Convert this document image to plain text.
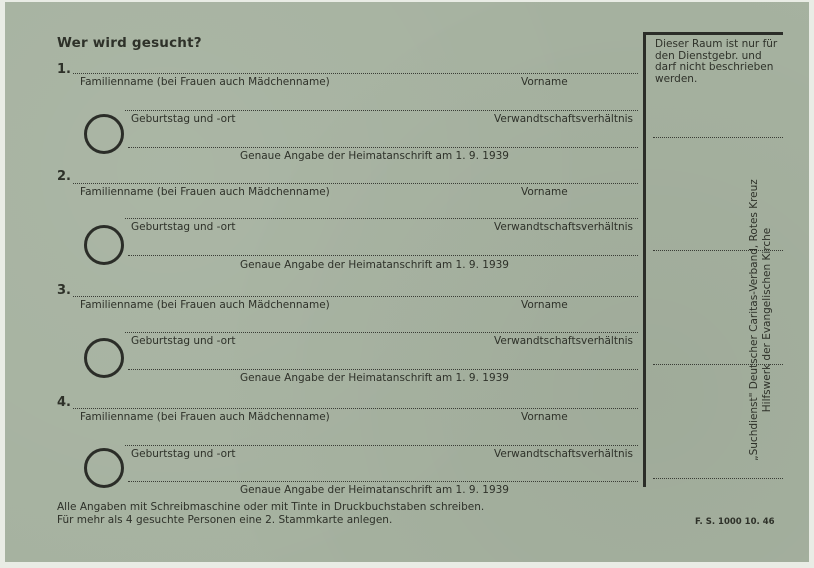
Wer wird gesucht?
1.
Familienname (bei Frauen auch Mädchenname)	Vorname
Geburtstag und -ort	Verwandtschaftsverhältnis
Genaue Angabe der Heimatanschrift am 1. 9. 1939
2.
Familienname (bei Frauen auch Mädchenname)	Vorname
Geburtstag und -ort	Verwandtschaftsverhältnis
Genaue Angabe der Heimatanschrift am 1. 9. 1939
3.
Familienname (bei Frauen auch Mädchenname)	Vorname
Geburtstag und -ort	Verwandtschaftsverhältnis
Genaue Angabe der Heimatanschrift am 1. 9. 1939
4.
Familienname (bei Frauen auch Mädchenname)	Vorname
Geburtstag und -ort	Verwandtschaftsverhältnis
Genaue Angabe der Heimatanschrift am 1. 9. 1939
Dieser Raum ist nur für den Dienstgebr. und darf nicht beschrieben werden.
„Suchdienst" Deutscher Caritas-Verband, Rotes Kreuz Hilfswerk der Evangelischen Kirche
Alle Angaben mit Schreibmaschine oder mit Tinte in Druckbuchstaben schreiben.
Für mehr als 4 gesuchte Personen eine 2. Stammkarte anlegen.	F. S. 1000 10. 46
